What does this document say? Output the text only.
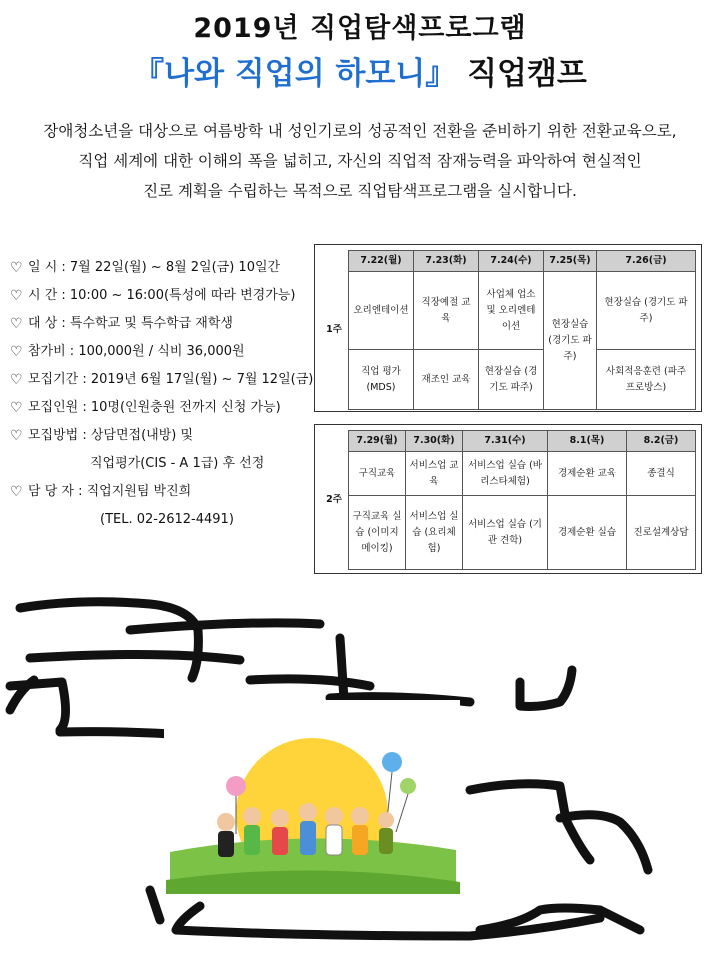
2019년 직업탐색프로그램
『나와 직업의 하모니』 직업캠프
장애청소년을 대상으로 여름방학 내 성인기로의 성공적인 전환을 준비하기 위한 전환교육으로,
직업 세계에 대한 이해의 폭을 넓히고, 자신의 직업적 잠재능력을 파악하여 현실적인
진로 계획을 수립하는 목적으로 직업탐색프로그램을 실시합니다.
♡ 일 시 : 7월 22일(월) ~ 8월 2일(금) 10일간
♡ 시 간 : 10:00 ~ 16:00(특성에 따라 변경가능)
♡ 대 상 : 특수학교 및 특수학급 재학생
♡ 참가비 : 100,000원 / 식비 36,000원
♡ 모집기간 : 2019년 6월 17일(월) ~ 7월 12일(금)
♡ 모집인원 : 10명(인원충원 전까지 신청 가능)
♡ 모집방법 : 상담면접(내방) 및
직업평가(CIS - A 1급) 후 선정
♡ 담 당 자 : 직업지원팀 박진희
(TEL. 02-2612-4491)
1주	7.22(월)	7.23(화)	7.24(수)	7.25(목)	7.26(금)
	오리엔테이션	직장예절 교육	사업체 업소 및 오리엔테이션	현장실습 (경기도 파주)	현장실습 (경기도 파주)
	직업 평가 (MDS)	재조인 교육	현장실습 (경기도 파주)		사회적응훈련 (파주 프로방스)
2주	7.29(월)	7.30(화)	7.31(수)	8.1(목)	8.2(금)
	구직교육	서비스업 교육	서비스업 실습 (바리스타체험)	경제순환 교육	종결식
	구직교육 실습 (이미지 메이킹)	서비스업 실습 (요리체험)	서비스업 실습 (기관 견학)	경제순환 실습	진로설계상담
